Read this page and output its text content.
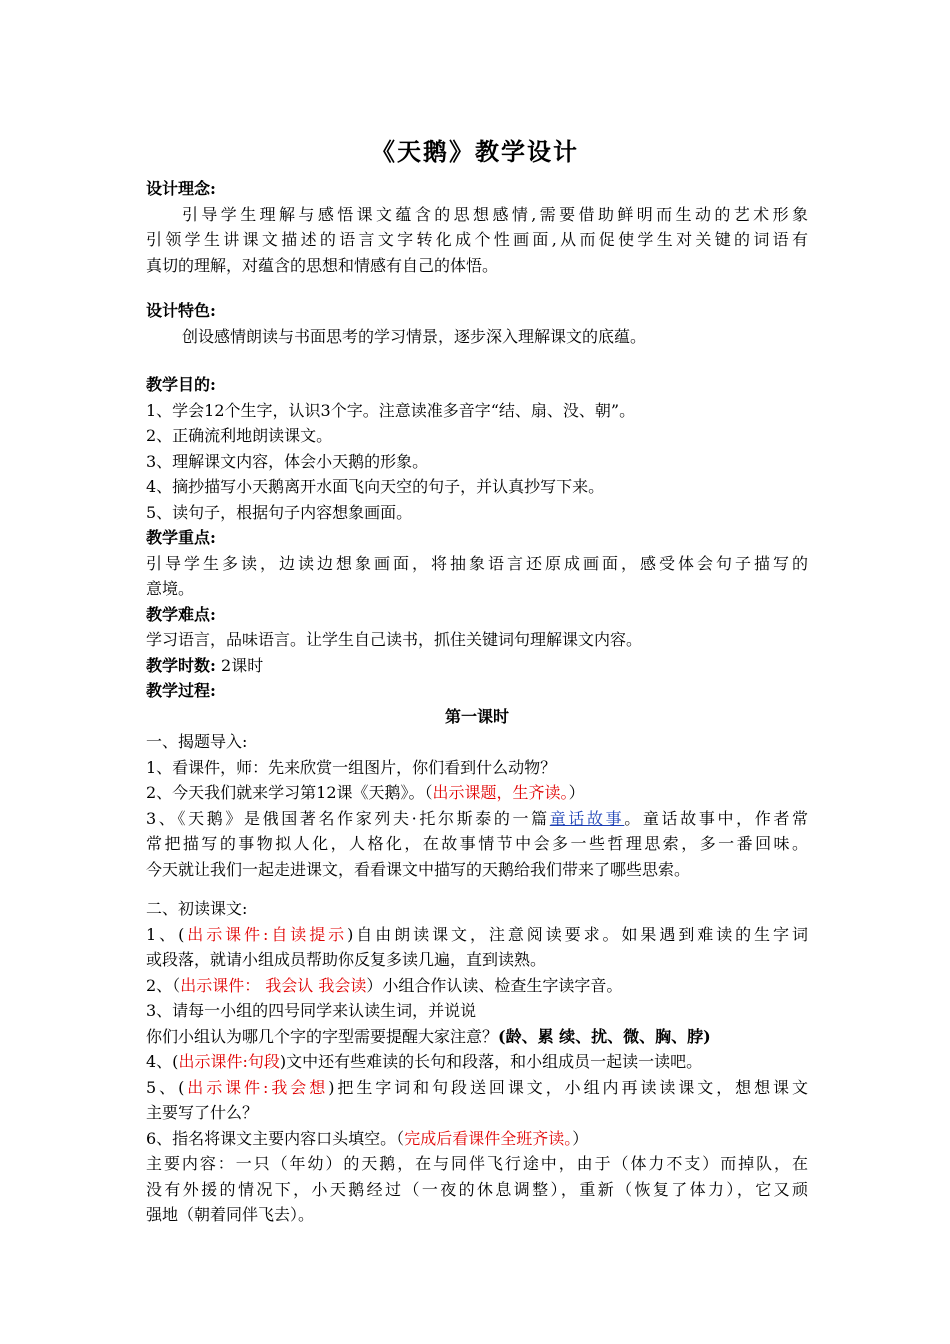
《天鹅》教学设计
设计理念:
引导学生理解与感悟课文蕴含的思想感情,需要借助鲜明而生动的艺术形象
引领学生讲课文描述的语言文字转化成个性画面,从而促使学生对关键的词语有
真切的理解，对蕴含的思想和情感有自己的体悟。
设计特色:
创设感情朗读与书面思考的学习情景，逐步深入理解课文的底蕴。
教学目的:
1、学会12个生字，认识3个字。注意读准多音字“结、扇、没、朝”。
2、正确流利地朗读课文。
3、理解课文内容，体会小天鹅的形象。
4、摘抄描写小天鹅离开水面飞向天空的句子，并认真抄写下来。
5、读句子，根据句子内容想象画面。
教学重点:
引导学生多读，边读边想象画面，将抽象语言还原成画面，感受体会句子描写的
意境。
教学难点:
学习语言，品味语言。让学生自己读书，抓住关键词句理解课文内容。
教学时数: 2课时
教学过程:
第一课时
一、揭题导入:
1、看课件，师：先来欣赏一组图片，你们看到什么动物？
2、今天我们就来学习第12课《天鹅》。（出示课题，生齐读。）
3、《天鹅》是俄国著名作家列夫·托尔斯泰的一篇童话故事。童话故事中，作者常
常把描写的事物拟人化，人格化，在故事情节中会多一些哲理思索，多一番回味。
今天就让我们一起走进课文，看看课文中描写的天鹅给我们带来了哪些思索。
二、初读课文:
1、(出示课件:自读提示)自由朗读课文，注意阅读要求。如果遇到难读的生字词
或段落，就请小组成员帮助你反复多读几遍，直到读熟。
2、（出示课件： 我会认 我会读）小组合作认读、检查生字读字音。
3、请每一小组的四号同学来认读生词，并说说
你们小组认为哪几个字的字型需要提醒大家注意？(龄、累 续、扰、微、胸、脖)
4、(出示课件:句段)文中还有些难读的长句和段落，和小组成员一起读一读吧。
5、(出示课件:我会想)把生字词和句段送回课文，小组内再读读课文，想想课文
主要写了什么？
6、指名将课文主要内容口头填空。（完成后看课件全班齐读。）
主要内容：一只（年幼）的天鹅，在与同伴飞行途中，由于（体力不支）而掉队，在
没有外援的情况下，小天鹅经过（一夜的休息调整），重新（恢复了体力），它又顽
强地（朝着同伴飞去）。
